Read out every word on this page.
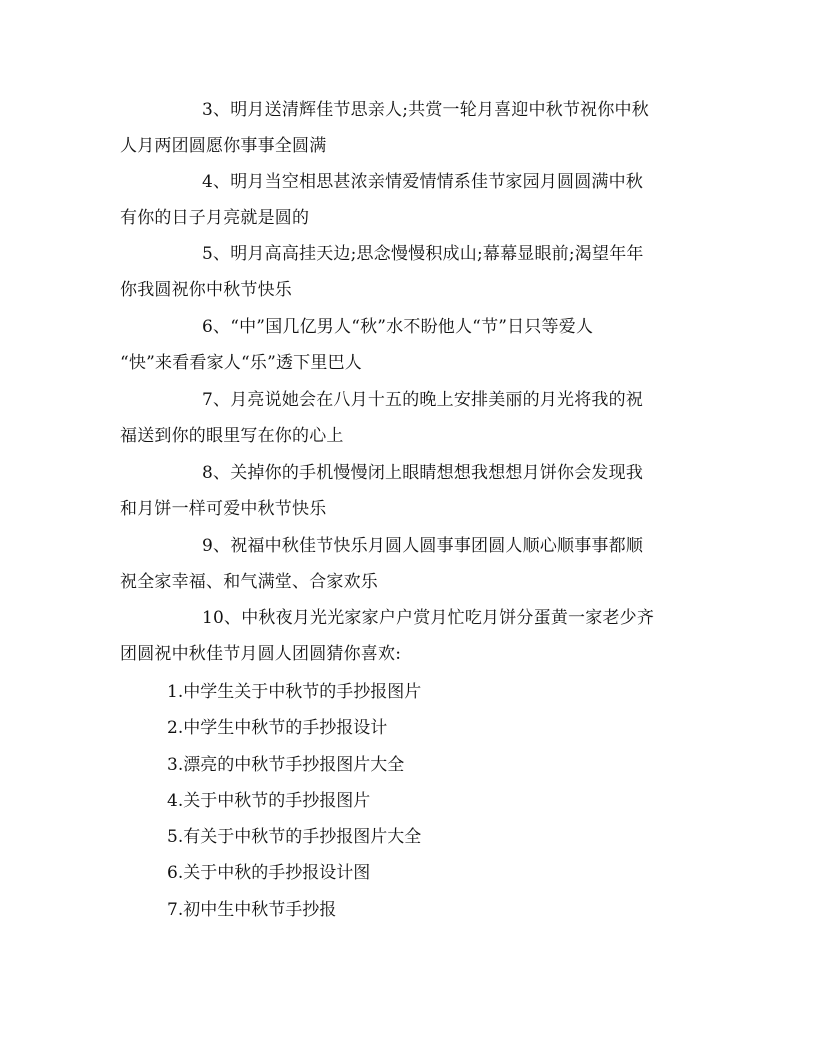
3、明月送清辉佳节思亲人;共赏一轮月喜迎中秋节祝你中秋
人月两团圆愿你事事全圆满
4、明月当空相思甚浓亲情爱情情系佳节家园月圆圆满中秋
有你的日子月亮就是圆的
5、明月高高挂天边;思念慢慢积成山;幕幕显眼前;渴望年年
你我圆祝你中秋节快乐
6、“中”国几亿男人“秋”水不盼他人“节”日只等爱人
“快”来看看家人“乐”透下里巴人
7、月亮说她会在八月十五的晚上安排美丽的月光将我的祝
福送到你的眼里写在你的心上
8、关掉你的手机慢慢闭上眼睛想想我想想月饼你会发现我
和月饼一样可爱中秋节快乐
9、祝福中秋佳节快乐月圆人圆事事团圆人顺心顺事事都顺
祝全家幸福、和气满堂、合家欢乐
10、中秋夜月光光家家户户赏月忙吃月饼分蛋黄一家老少齐
团圆祝中秋佳节月圆人团圆猜你喜欢:
1.中学生关于中秋节的手抄报图片
2.中学生中秋节的手抄报设计
3.漂亮的中秋节手抄报图片大全
4.关于中秋节的手抄报图片
5.有关于中秋节的手抄报图片大全
6.关于中秋的手抄报设计图
7.初中生中秋节手抄报
